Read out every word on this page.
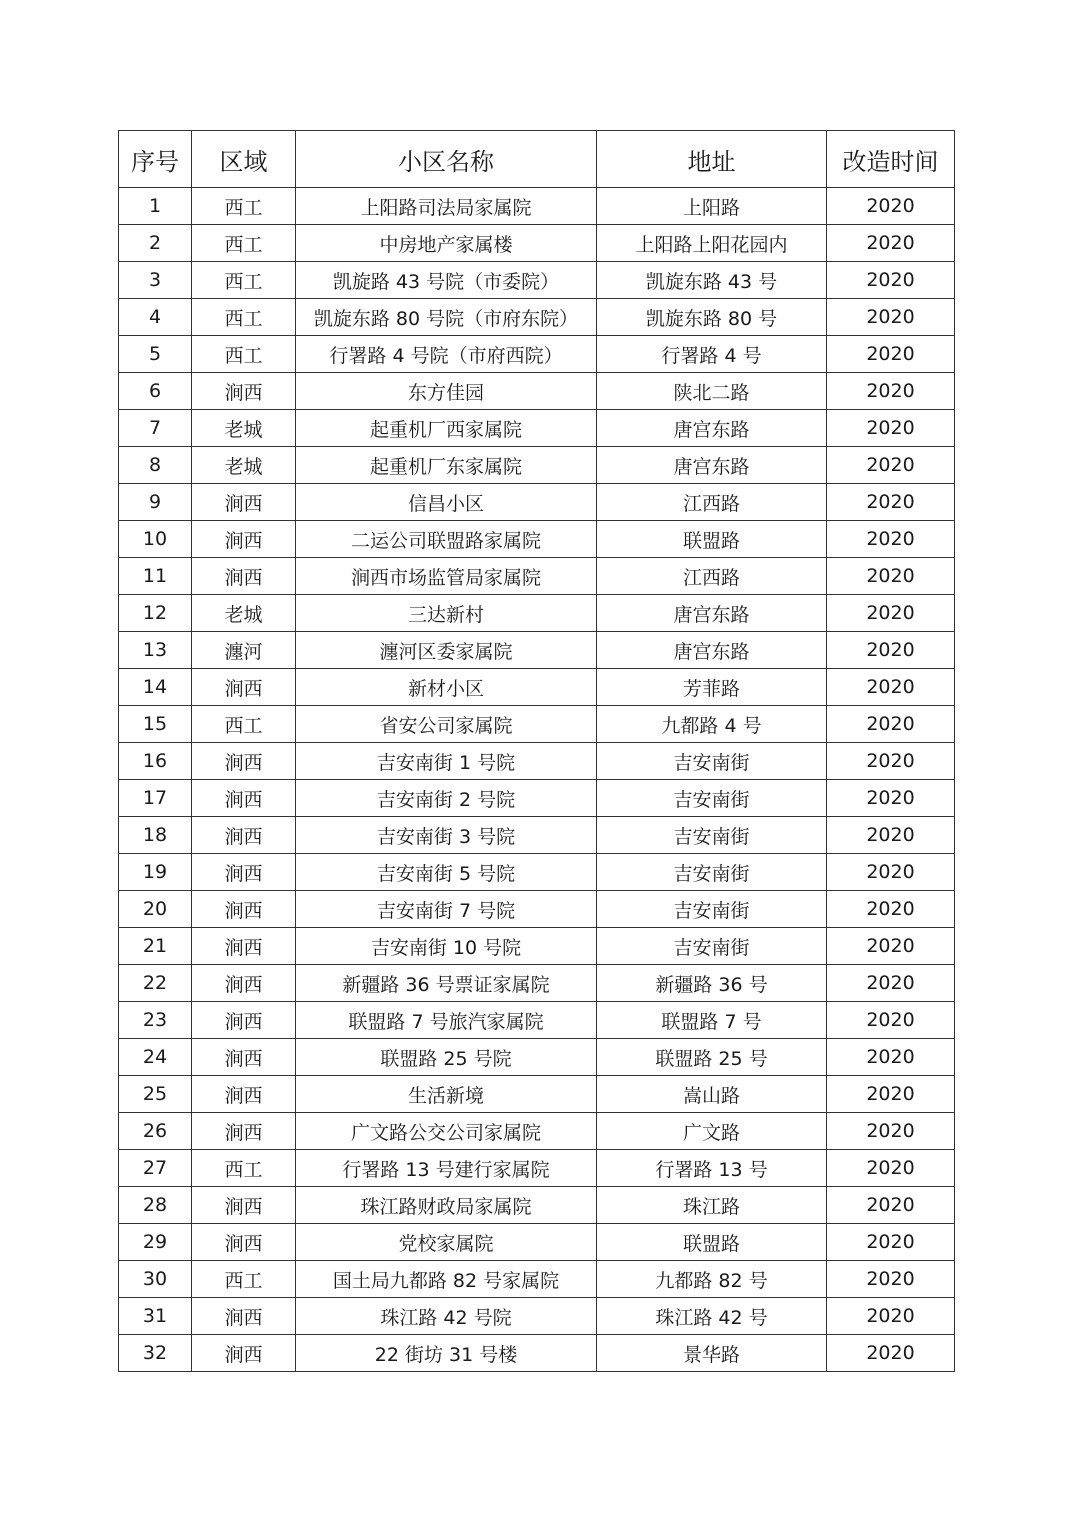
序号	区域	小区名称	地址	改造时间
1	西工	上阳路司法局家属院	上阳路	2020
2	西工	中房地产家属楼	上阳路上阳花园内	2020
3	西工	凯旋路 43 号院（市委院）	凯旋东路 43 号	2020
4	西工	凯旋东路 80 号院（市府东院）	凯旋东路 80 号	2020
5	西工	行署路 4 号院（市府西院）	行署路 4 号	2020
6	涧西	东方佳园	陕北二路	2020
7	老城	起重机厂西家属院	唐宫东路	2020
8	老城	起重机厂东家属院	唐宫东路	2020
9	涧西	信昌小区	江西路	2020
10	涧西	二运公司联盟路家属院	联盟路	2020
11	涧西	涧西市场监管局家属院	江西路	2020
12	老城	三达新村	唐宫东路	2020
13	瀍河	瀍河区委家属院	唐宫东路	2020
14	涧西	新材小区	芳菲路	2020
15	西工	省安公司家属院	九都路 4 号	2020
16	涧西	吉安南街 1 号院	吉安南街	2020
17	涧西	吉安南街 2 号院	吉安南街	2020
18	涧西	吉安南街 3 号院	吉安南街	2020
19	涧西	吉安南街 5 号院	吉安南街	2020
20	涧西	吉安南街 7 号院	吉安南街	2020
21	涧西	吉安南街 10 号院	吉安南街	2020
22	涧西	新疆路 36 号票证家属院	新疆路 36 号	2020
23	涧西	联盟路 7 号旅汽家属院	联盟路 7 号	2020
24	涧西	联盟路 25 号院	联盟路 25 号	2020
25	涧西	生活新境	嵩山路	2020
26	涧西	广文路公交公司家属院	广文路	2020
27	西工	行署路 13 号建行家属院	行署路 13 号	2020
28	涧西	珠江路财政局家属院	珠江路	2020
29	涧西	党校家属院	联盟路	2020
30	西工	国土局九都路 82 号家属院	九都路 82 号	2020
31	涧西	珠江路 42 号院	珠江路 42 号	2020
32	涧西	22 街坊 31 号楼	景华路	2020
